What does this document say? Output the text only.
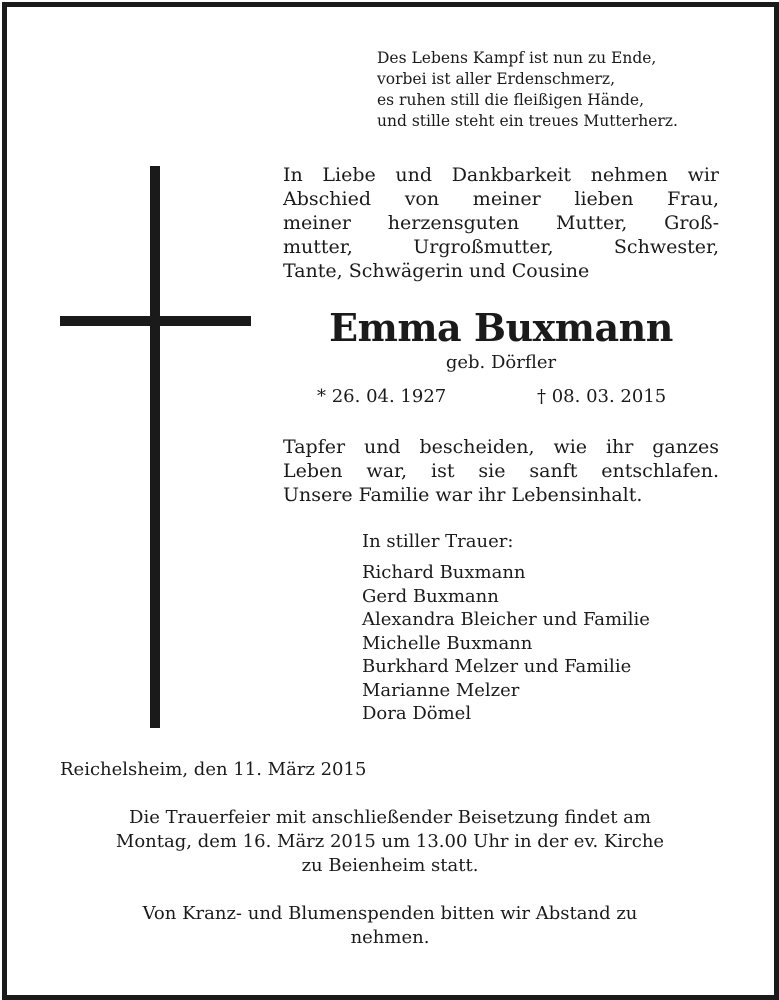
Des Lebens Kampf ist nun zu Ende,
vorbei ist aller Erdenschmerz,
es ruhen still die fleißigen Hände,
und stille steht ein treues Mutterherz.
In Liebe und Dankbarkeit nehmen wir
Abschied von meiner lieben Frau,
meiner herzensguten Mutter, Groß-
mutter, Urgroßmutter, Schwester,
Tante, Schwägerin und Cousine
Emma Buxmann
geb. Dörfler
* 26. 04. 1927	† 08. 03. 2015
Tapfer und bescheiden, wie ihr ganzes
Leben war, ist sie sanft entschlafen.
Unsere Familie war ihr Lebensinhalt.
In stiller Trauer:
Richard Buxmann
Gerd Buxmann
Alexandra Bleicher und Familie
Michelle Buxmann
Burkhard Melzer und Familie
Marianne Melzer
Dora Dömel
Reichelsheim, den 11. März 2015
Die Trauerfeier mit anschließender Beisetzung findet am
Montag, dem 16. März 2015 um 13.00 Uhr in der ev. Kirche
zu Beienheim statt.
Von Kranz- und Blumenspenden bitten wir Abstand zu
nehmen.
